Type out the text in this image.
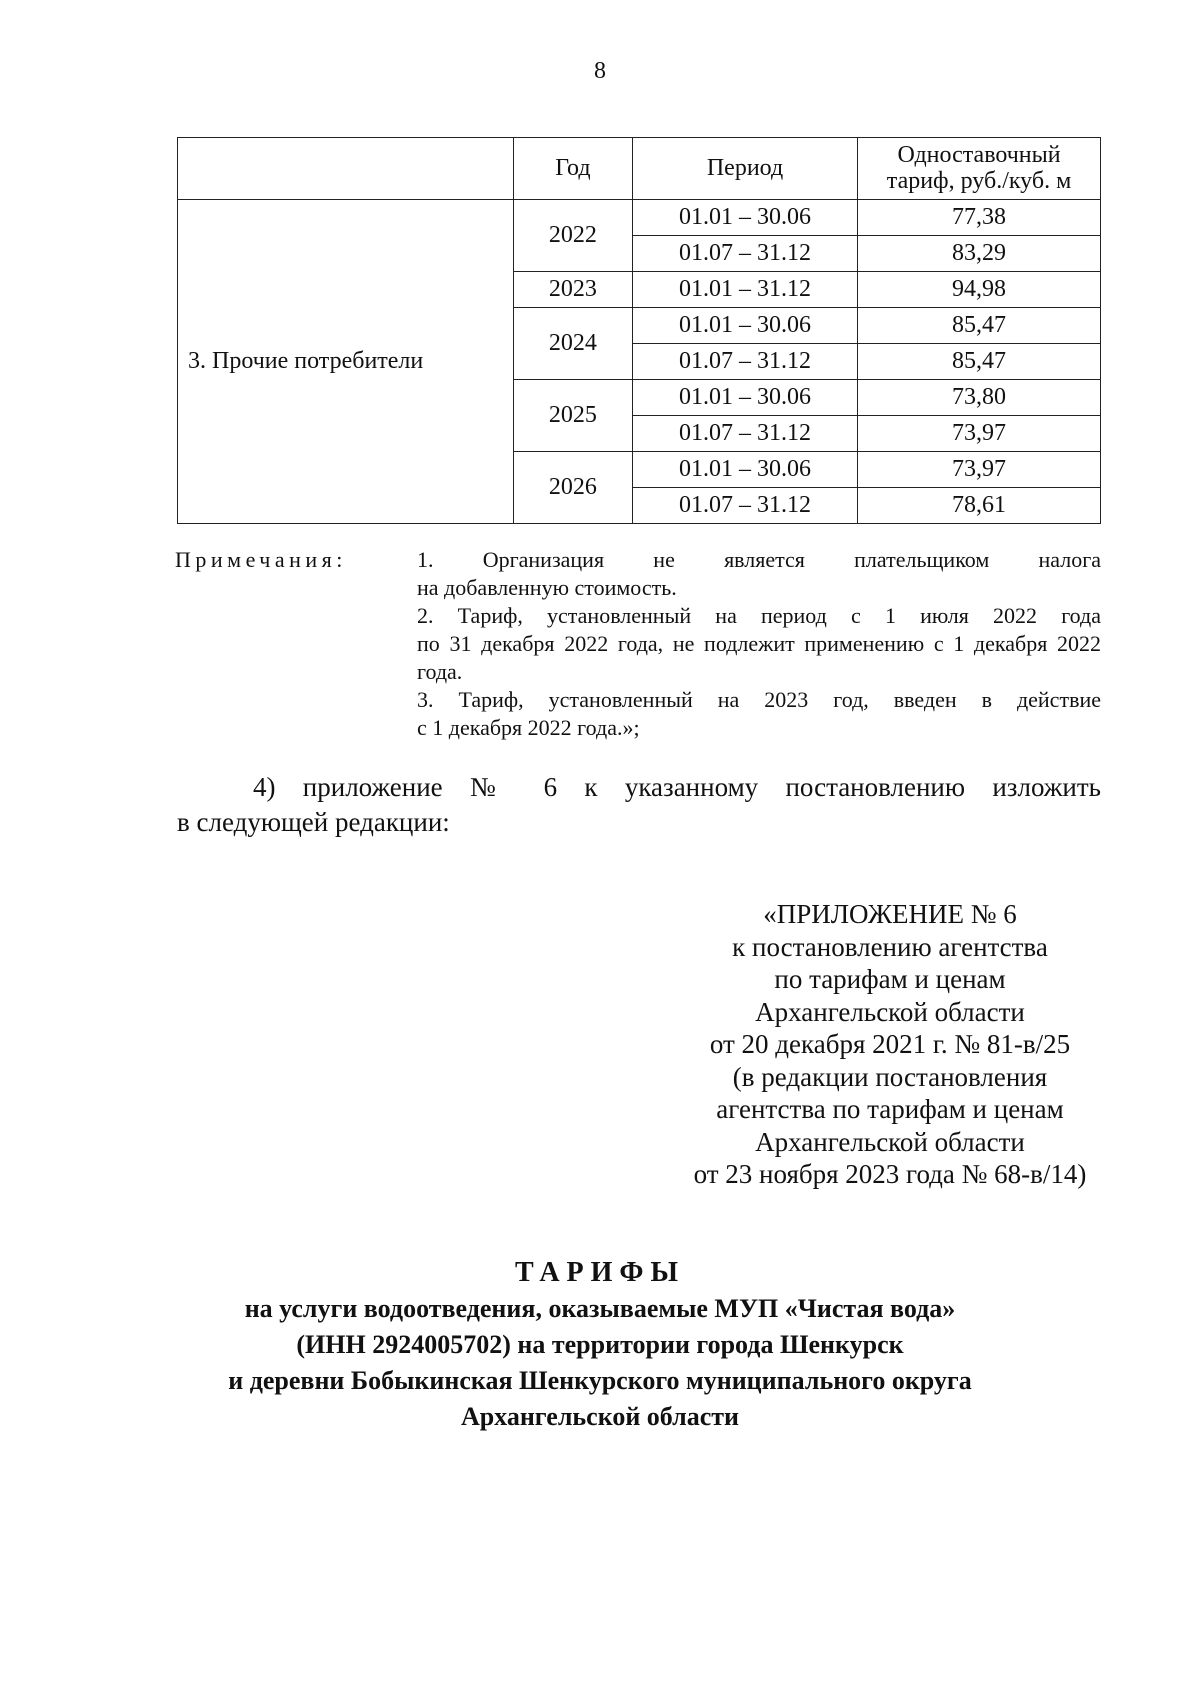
8
	Год	Период	Одноставочный
тариф, руб./куб. м
3. Прочие потребители	2022	01.01 – 30.06	77,38
		01.07 – 31.12	83,29
	2023	01.01 – 31.12	94,98
	2024	01.01 – 30.06	85,47
		01.07 – 31.12	85,47
	2025	01.01 – 30.06	73,80
		01.07 – 31.12	73,97
	2026	01.01 – 30.06	73,97
		01.07 – 31.12	78,61
Примечания:	1. Организация не является плательщиком налога
на добавленную стоимость.

2. Тариф, установленный на период с 1 июля 2022 года
по 31 декабря 2022 года, не подлежит применению с 1 декабря 2022 года.

3. Тариф, установленный на 2023 год, введен в действие
с 1 декабря 2022 года.»;

4) приложение № 6 к указанному постановлению изложить
в следующей редакции:
«ПРИЛОЖЕНИЕ № 6
к постановлению агентства
по тарифам и ценам
Архангельской области
от 20 декабря 2021 г. № 81-в/25
(в редакции постановления
агентства по тарифам и ценам
Архангельской области
от 23 ноября 2023 года № 68-в/14)
ТАРИФЫ
на услуги водоотведения, оказываемые МУП «Чистая вода»
(ИНН 2924005702) на территории города Шенкурск
и деревни Бобыкинская Шенкурского муниципального округа
Архангельской области
